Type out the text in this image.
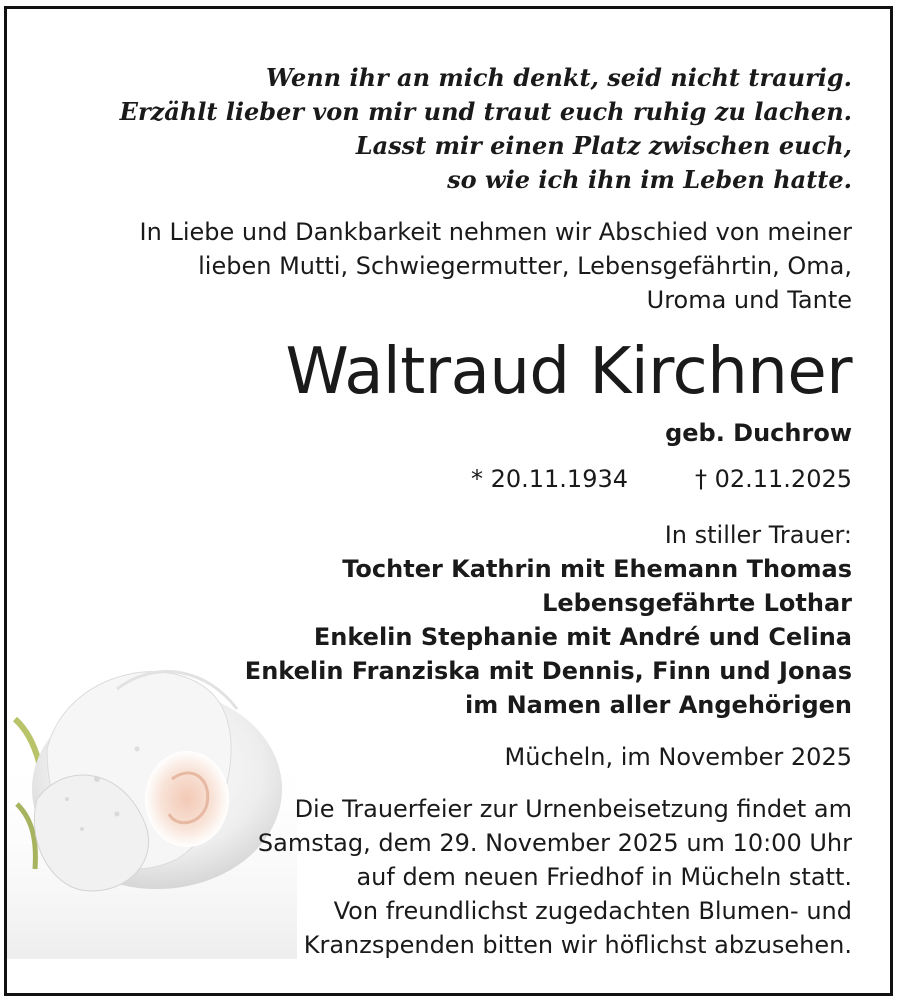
Wenn ihr an mich denkt, seid nicht traurig.
Erzählt lieber von mir und traut euch ruhig zu lachen.
Lasst mir einen Platz zwischen euch,
so wie ich ihn im Leben hatte.
In Liebe und Dankbarkeit nehmen wir Abschied von meiner
lieben Mutti, Schwiegermutter, Lebensgefährtin, Oma,
Uroma und Tante
Waltraud Kirchner
geb. Duchrow
* 20.11.1934	† 02.11.2025
In stiller Trauer:
Tochter Kathrin mit Ehemann Thomas
Lebensgefährte Lothar
Enkelin Stephanie mit André und Celina
Enkelin Franziska mit Dennis, Finn und Jonas
im Namen aller Angehörigen
Mücheln, im November 2025
Die Trauerfeier zur Urnenbeisetzung findet am
Samstag, dem 29. November 2025 um 10:00 Uhr
auf dem neuen Friedhof in Mücheln statt.
Von freundlichst zugedachten Blumen- und
Kranzspenden bitten wir höflichst abzusehen.
